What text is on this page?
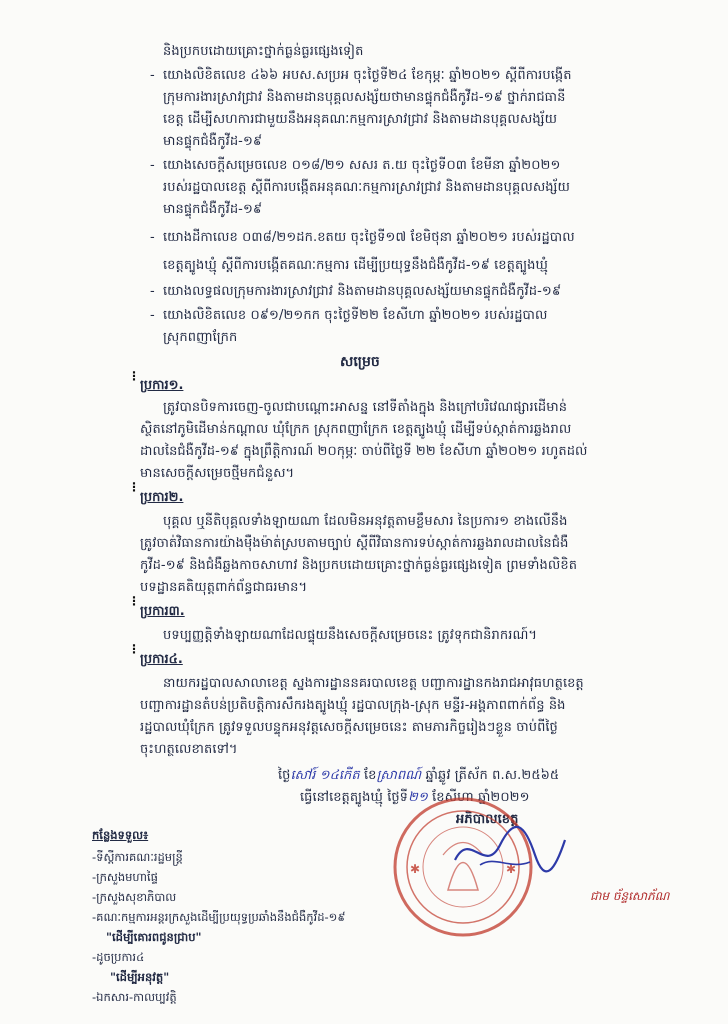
និងប្រកបដោយគ្រោះថ្នាក់ធ្ងន់ធ្ងរផ្សេងទៀត
- យោងលិខិតលេខ ៤៦៦ អបស.សប្រអ ចុះថ្ងៃទី២៤ ខែកុម្ភៈ ឆ្នាំ២០២១ ស្តីពីការបង្កើត
ក្រុមការងារស្រាវជ្រាវ និងតាមដានបុគ្គលសង្ស័យថាមានផ្ទុកជំងឺកូវីដ-១៩ ថ្នាក់រាជធានី
ខេត្ត ដើម្បីសហការជាមួយនឹងអនុគណៈកម្មការស្រាវជ្រាវ និងតាមដានបុគ្គលសង្ស័យ
មានផ្ទុកជំងឺកូវីដ-១៩
- យោងសេចក្តីសម្រេចលេខ ០១៨/២១ សសរ ត.យ ចុះថ្ងៃទី០៣ ខែមីនា ឆ្នាំ២០២១
របស់រដ្ឋបាលខេត្ត ស្តីពីការបង្កើតអនុគណៈកម្មការស្រាវជ្រាវ និងតាមដានបុគ្គលសង្ស័យ
មានផ្ទុកជំងឺកូវីដ-១៩
- យោងដីកាលេខ ០៣៨/២១ដក.ខតយ ចុះថ្ងៃទី១៧ ខែមិថុនា ឆ្នាំ២០២១ របស់រដ្ឋបាល
ខេត្តត្បូងឃ្មុំ ស្តីពីការបង្កើតគណៈកម្មការ ដើម្បីប្រយុទ្ធនឹងជំងឺកូវីដ-១៩ ខេត្តត្បូងឃ្មុំ
- យោងលទ្ធផលក្រុមការងារស្រាវជ្រាវ និងតាមដានបុគ្គលសង្ស័យមានផ្ទុកជំងឺកូវីដ-១៩
- យោងលិខិតលេខ ០៩១/២១កក ចុះថ្ងៃទី២២ ខែសីហា ឆ្នាំ២០២១ របស់រដ្ឋបាល
ស្រុកពញាក្រែក
សម្រេច
⋮
ប្រការ១.
ត្រូវបានបិទការចេញ-ចូលជាបណ្តោះអាសន្ន នៅទីតាំងក្នុង និងក្រៅបរិវេណផ្សារដើមាន់
ស្ថិតនៅភូមិដើមាន់កណ្តាល ឃុំក្រែក ស្រុកពញាក្រែក ខេត្តត្បូងឃ្មុំ ដើម្បីទប់ស្កាត់ការឆ្លងរាល
ដាលនៃជំងឺកូវីដ-១៩ ក្នុងព្រឹត្តិការណ៍ ២០កុម្ភៈ ចាប់ពីថ្ងៃទី ២២ ខែសីហា ឆ្នាំ២០២១ រហូតដល់
មានសេចក្តីសម្រេចថ្មីមកជំនួស។
⋮
ប្រការ២.
បុគ្គល ឬនីតិបុគ្គលទាំងឡាយណា ដែលមិនអនុវត្តតាមខ្លឹមសារ នៃប្រការ១ ខាងលើនឹង
ត្រូវចាត់វិធានការយ៉ាងម៉ឺងម៉ាត់ស្របតាមច្បាប់ ស្តីពីវិធានការទប់ស្កាត់ការឆ្លងរាលដាលនៃជំងឺ
កូវីដ-១៩ និងជំងឺឆ្លងកាចសាហាវ និងប្រកបដោយគ្រោះថ្នាក់ធ្ងន់ធ្ងរផ្សេងទៀត ព្រមទាំងលិខិត
បទដ្ឋានគតិយុត្តពាក់ព័ន្ធជាធរមាន។
⋮
ប្រការ៣.
បទប្បញ្ញត្តិទាំងឡាយណាដែលផ្ទុយនឹងសេចក្តីសម្រេចនេះ ត្រូវទុកជានិរាករណ៍។
⋮
ប្រការ៤.
នាយករដ្ឋបាលសាលាខេត្ត ស្នងការដ្ឋាននគរបាលខេត្ត បញ្ជាការដ្ឋានកងរាជអាវុធហត្ថខេត្ត
បញ្ជាការដ្ឋានតំបន់ប្រតិបត្តិការសឹករងត្បូងឃ្មុំ រដ្ឋបាលក្រុង-ស្រុក មន្ទីរ-អង្គភាពពាក់ព័ន្ធ និង
រដ្ឋបាលឃុំក្រែក ត្រូវទទួលបន្ទុកអនុវត្តសេចក្តីសម្រេចនេះ តាមភារកិច្ចរៀងៗខ្លួន ចាប់ពីថ្ងៃ
ចុះហត្ថលេខាតទៅ។
ថ្ងៃសៅរ៍ ១៤កើត ខែស្រាពណ៍ ឆ្នាំឆ្លូវ ត្រីស័ក ព.ស.២៥៦៥
ធ្វើនៅខេត្តត្បូងឃ្មុំ ថ្ងៃទី២១ ខែសីហា ឆ្នាំ២០២១
អភិបាលខេត្ត
✱	✱
ជាម ច័ន្ទសោភ័ណ
កន្លែងទទួល៖
-ទីស្តីការគណៈរដ្ឋមន្ត្រី
-ក្រសួងមហាផ្ទៃ
-ក្រសួងសុខាភិបាល
-គណៈកម្មការអន្តរក្រសួងដើម្បីប្រយុទ្ធប្រឆាំងនឹងជំងឺកូវីដ-១៩
"ដើម្បីគោរពជូនជ្រាប"
-ដូចប្រការ៤
"ដើម្បីអនុវត្ត"
-ឯកសារ-កាលប្បវត្តិ
